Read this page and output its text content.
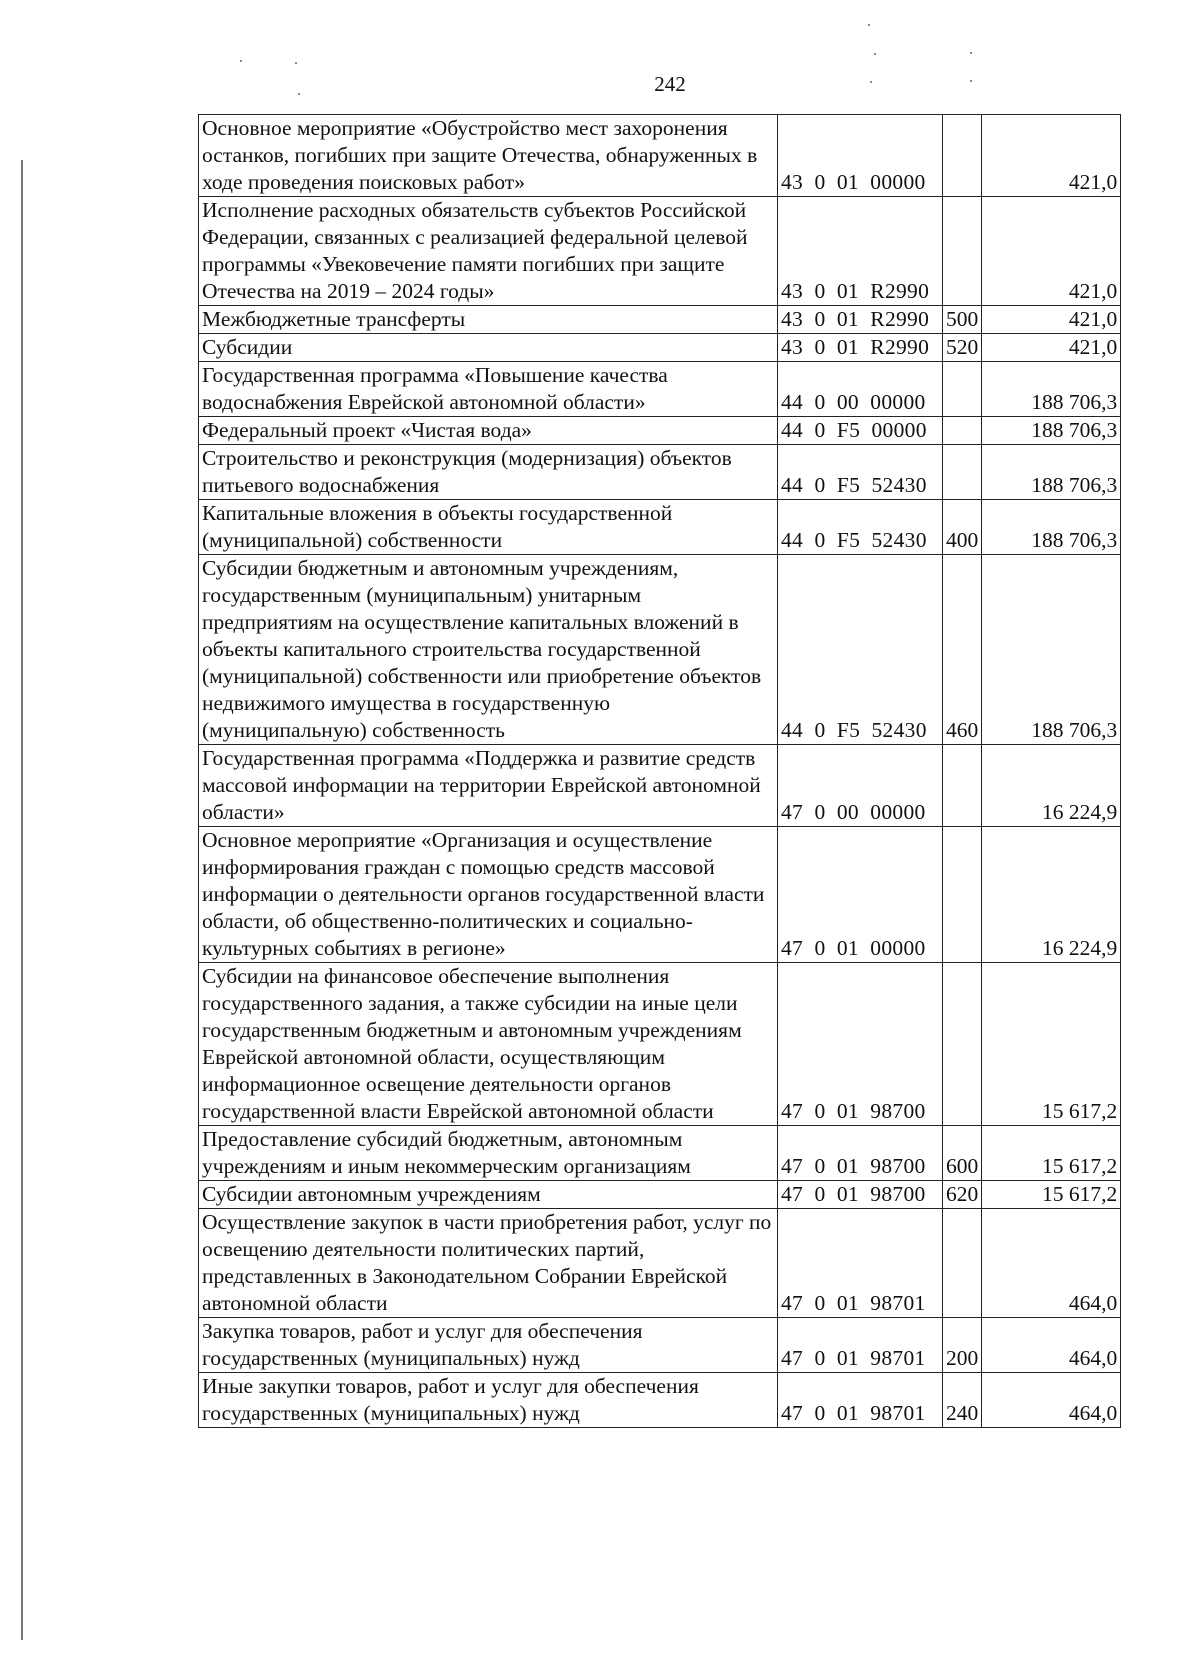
242
Основное мероприятие «Обустройство мест захоронения останков, погибших при защите Отечества, обнаруженных в ходе проведения поисковых работ»	43  0  01  00000		421,0
Исполнение расходных обязательств субъектов Российской Федерации, связанных с реализацией федеральной целевой программы «Увековечение памяти погибших при защите Отечества на 2019 – 2024 годы»	43  0  01  R2990		421,0
Межбюджетные трансферты	43  0  01  R2990	500	421,0
Субсидии	43  0  01  R2990	520	421,0
Государственная программа «Повышение качества водоснабжения Еврейской автономной области»	44  0  00  00000		188 706,3
Федеральный проект «Чистая вода»	44  0  F5  00000		188 706,3
Строительство и реконструкция (модернизация) объектов питьевого водоснабжения	44  0  F5  52430		188 706,3
Капитальные вложения в объекты государственной (муниципальной) собственности	44  0  F5  52430	400	188 706,3
Субсидии бюджетным и автономным учреждениям, государственным (муниципальным) унитарным предприятиям на осуществление капитальных вложений в объекты капитального строительства государственной (муниципальной) собственности или приобретение объектов недвижимого имущества в государственную (муниципальную) собственность	44  0  F5  52430	460	188 706,3
Государственная программа «Поддержка и развитие средств массовой информации на территории Еврейской автономной области»	47  0  00  00000		16 224,9
Основное мероприятие «Организация и осуществление информирования граждан с помощью средств массовой информации о деятельности органов государственной власти области, об общественно-политических и социально-культурных событиях в регионе»	47  0  01  00000		16 224,9
Субсидии на финансовое обеспечение выполнения государственного задания, а также субсидии на иные цели государственным бюджетным и автономным учреждениям Еврейской автономной области, осуществляющим информационное освещение деятельности органов государственной власти Еврейской автономной области	47  0  01  98700		15 617,2
Предоставление субсидий бюджетным, автономным учреждениям и иным некоммерческим организациям	47  0  01  98700	600	15 617,2
Субсидии автономным учреждениям	47  0  01  98700	620	15 617,2
Осуществление закупок в части приобретения работ, услуг по освещению деятельности политических партий, представленных в Законодательном Собрании Еврейской автономной области	47  0  01  98701		464,0
Закупка товаров, работ и услуг для обеспечения государственных (муниципальных) нужд	47  0  01  98701	200	464,0
Иные закупки товаров, работ и услуг для обеспечения государственных (муниципальных) нужд	47  0  01  98701	240	464,0
